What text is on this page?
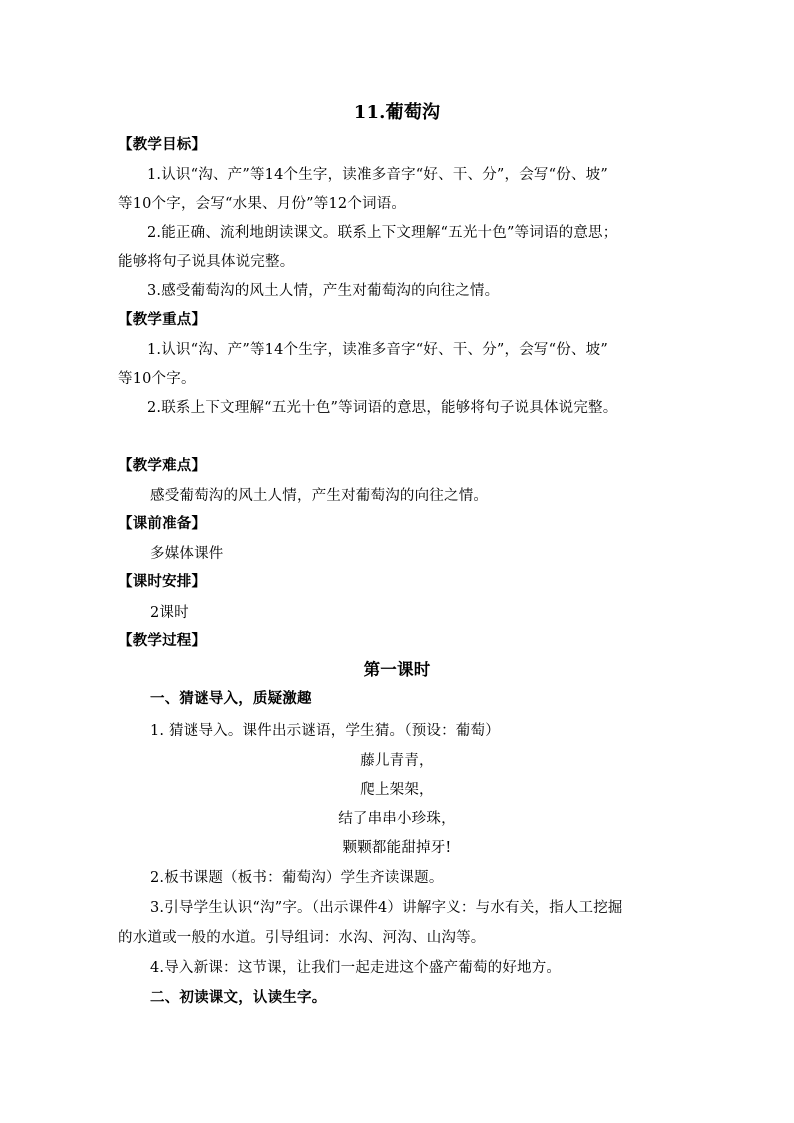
11.葡萄沟
【教学目标】
1.认识“沟、产”等14个生字，读准多音字“好、干、分”，会写“份、坡”
等10个字，会写“水果、月份”等12个词语。
2.能正确、流利地朗读课文。联系上下文理解“五光十色”等词语的意思；
能够将句子说具体说完整。
3.感受葡萄沟的风土人情，产生对葡萄沟的向往之情。
【教学重点】
1.认识“沟、产”等14个生字，读准多音字“好、干、分”，会写“份、坡”
等10个字。
2.联系上下文理解“五光十色”等词语的意思，能够将句子说具体说完整。
【教学难点】
感受葡萄沟的风土人情，产生对葡萄沟的向往之情。
【课前准备】
多媒体课件
【课时安排】
2课时
【教学过程】
第一课时
一、猜谜导入，质疑激趣
1. 猜谜导入。课件出示谜语，学生猜。（预设：葡萄）
藤儿青青，
爬上架架，
结了串串小珍珠，
颗颗都能甜掉牙!
2.板书课题（板书：葡萄沟）学生齐读课题。
3.引导学生认识“沟”字。（出示课件4）讲解字义：与水有关，指人工挖掘
的水道或一般的水道。引导组词：水沟、河沟、山沟等。
4.导入新课：这节课，让我们一起走进这个盛产葡萄的好地方。
二、初读课文，认读生字。
